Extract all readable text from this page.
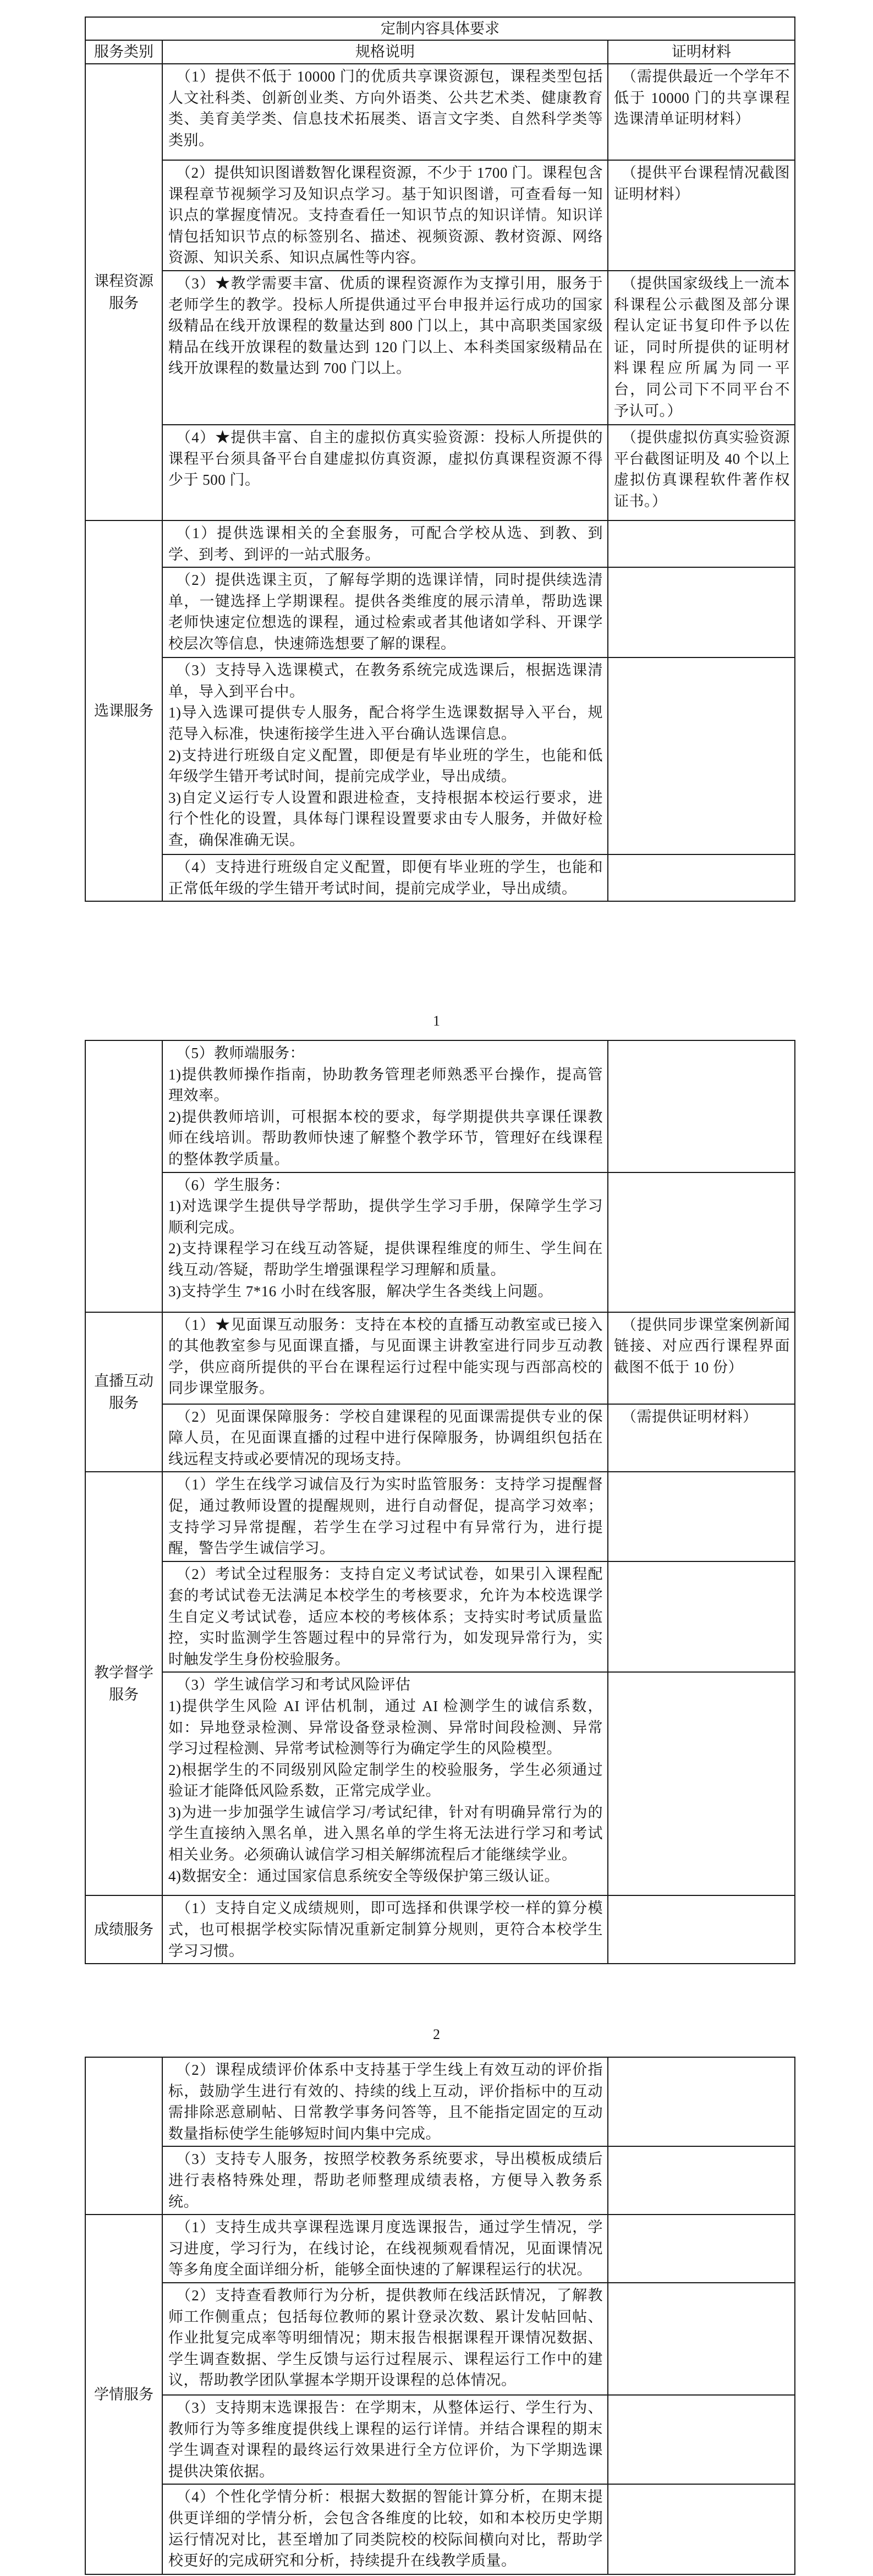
定制内容具体要求
服务类别	规格说明	证明材料
课程资源服务
（1）提供不低于 10000 门的优质共享课资源包，课程类型包括人文社科类、创新创业类、方向外语类、公共艺术类、健康教育类、美育美学类、信息技术拓展类、语言文字类、自然科学类等类别。
（需提供最近一个学年不低于 10000 门的共享课程选课清单证明材料）
（2）提供知识图谱数智化课程资源，不少于 1700 门。课程包含课程章节视频学习及知识点学习。基于知识图谱，可查看每一知识点的掌握度情况。支持查看任一知识节点的知识详情。知识详情包括知识节点的标签别名、描述、视频资源、教材资源、网络资源、知识关系、知识点属性等内容。
（提供平台课程情况截图证明材料）
（3）★教学需要丰富、优质的课程资源作为支撑引用，服务于老师学生的教学。投标人所提供通过平台申报并运行成功的国家级精品在线开放课程的数量达到 800 门以上，其中高职类国家级精品在线开放课程的数量达到 120 门以上、本科类国家级精品在线开放课程的数量达到 700 门以上。
（提供国家级线上一流本科课程公示截图及部分课程认定证书复印件予以佐证，同时所提供的证明材料课程应所属为同一平台，同公司下不同平台不予认可。）
（4）★提供丰富、自主的虚拟仿真实验资源：投标人所提供的课程平台须具备平台自建虚拟仿真资源，虚拟仿真课程资源不得少于 500 门。
（提供虚拟仿真实验资源平台截图证明及 40 个以上虚拟仿真课程软件著作权证书。）
选课服务
（1）提供选课相关的全套服务，可配合学校从选、到教、到学、到考、到评的一站式服务。
（2）提供选课主页，了解每学期的选课详情，同时提供续选清单，一键选择上学期课程。提供各类维度的展示清单，帮助选课老师快速定位想选的课程，通过检索或者其他诸如学科、开课学校层次等信息，快速筛选想要了解的课程。
（3）支持导入选课模式，在教务系统完成选课后，根据选课清单，导入到平台中。
1)导入选课可提供专人服务，配合将学生选课数据导入平台，规范导入标准，快速衔接学生进入平台确认选课信息。
2)支持进行班级自定义配置，即便是有毕业班的学生，也能和低年级学生错开考试时间，提前完成学业，导出成绩。
3)自定义运行专人设置和跟进检查，支持根据本校运行要求，进行个性化的设置，具体每门课程设置要求由专人服务，并做好检查，确保准确无误。
（4）支持进行班级自定义配置，即便有毕业班的学生，也能和正常低年级的学生错开考试时间，提前完成学业，导出成绩。
1
（5）教师端服务：
1)提供教师操作指南，协助教务管理老师熟悉平台操作，提高管理效率。
2)提供教师培训，可根据本校的要求，每学期提供共享课任课教师在线培训。帮助教师快速了解整个教学环节，管理好在线课程的整体教学质量。
（6）学生服务：
1)对选课学生提供导学帮助，提供学生学习手册，保障学生学习顺利完成。
2)支持课程学习在线互动答疑，提供课程维度的师生、学生间在线互动/答疑，帮助学生增强课程学习理解和质量。
3)支持学生 7*16 小时在线客服，解决学生各类线上问题。
直播互动服务
（1）★见面课互动服务：支持在本校的直播互动教室或已接入的其他教室参与见面课直播，与见面课主讲教室进行同步互动教学，供应商所提供的平台在课程运行过程中能实现与西部高校的同步课堂服务。
（提供同步课堂案例新闻链接、对应西行课程界面截图不低于 10 份）
（2）见面课保障服务：学校自建课程的见面课需提供专业的保障人员，在见面课直播的过程中进行保障服务，协调组织包括在线远程支持或必要情况的现场支持。
（需提供证明材料）
教学督学服务
（1）学生在线学习诚信及行为实时监管服务：支持学习提醒督促，通过教师设置的提醒规则，进行自动督促，提高学习效率；支持学习异常提醒，若学生在学习过程中有异常行为，进行提醒，警告学生诚信学习。
（2）考试全过程服务：支持自定义考试试卷，如果引入课程配套的考试试卷无法满足本校学生的考核要求，允许为本校选课学生自定义考试试卷，适应本校的考核体系；支持实时考试质量监控，实时监测学生答题过程中的异常行为，如发现异常行为，实时触发学生身份校验服务。
（3）学生诚信学习和考试风险评估
1)提供学生风险 AI 评估机制，通过 AI 检测学生的诚信系数，如：异地登录检测、异常设备登录检测、异常时间段检测、异常学习过程检测、异常考试检测等行为确定学生的风险模型。
2)根据学生的不同级别风险定制学生的校验服务，学生必须通过验证才能降低风险系数，正常完成学业。
3)为进一步加强学生诚信学习/考试纪律，针对有明确异常行为的学生直接纳入黑名单，进入黑名单的学生将无法进行学习和考试相关业务。必须确认诚信学习相关解绑流程后才能继续学业。
4)数据安全：通过国家信息系统安全等级保护第三级认证。
成绩服务
（1）支持自定义成绩规则，即可选择和供课学校一样的算分模式，也可根据学校实际情况重新定制算分规则，更符合本校学生学习习惯。
2
（2）课程成绩评价体系中支持基于学生线上有效互动的评价指标，鼓励学生进行有效的、持续的线上互动，评价指标中的互动需排除恶意刷帖、日常教学事务问答等，且不能指定固定的互动数量指标使学生能够短时间内集中完成。
（3）支持专人服务，按照学校教务系统要求，导出模板成绩后进行表格特殊处理，帮助老师整理成绩表格，方便导入教务系统。
学情服务
（1）支持生成共享课程选课月度选课报告，通过学生情况，学习进度，学习行为，在线讨论，在线视频观看情况，见面课情况等多角度全面详细分析，能够全面快速的了解课程运行的状况。
（2）支持查看教师行为分析，提供教师在线活跃情况，了解教师工作侧重点；包括每位教师的累计登录次数、累计发帖回帖、作业批复完成率等明细情况；期末报告根据课程开课情况数据、学生调查数据、学生反馈与运行过程展示、课程运行工作中的建议，帮助教学团队掌握本学期开设课程的总体情况。
（3）支持期末选课报告：在学期末，从整体运行、学生行为、教师行为等多维度提供线上课程的运行详情。并结合课程的期末学生调查对课程的最终运行效果进行全方位评价，为下学期选课提供决策依据。
（4）个性化学情分析：根据大数据的智能计算分析，在期末提供更详细的学情分析，会包含各维度的比较，如和本校历史学期运行情况对比，甚至增加了同类院校的校际间横向对比，帮助学校更好的完成研究和分析，持续提升在线教学质量。
